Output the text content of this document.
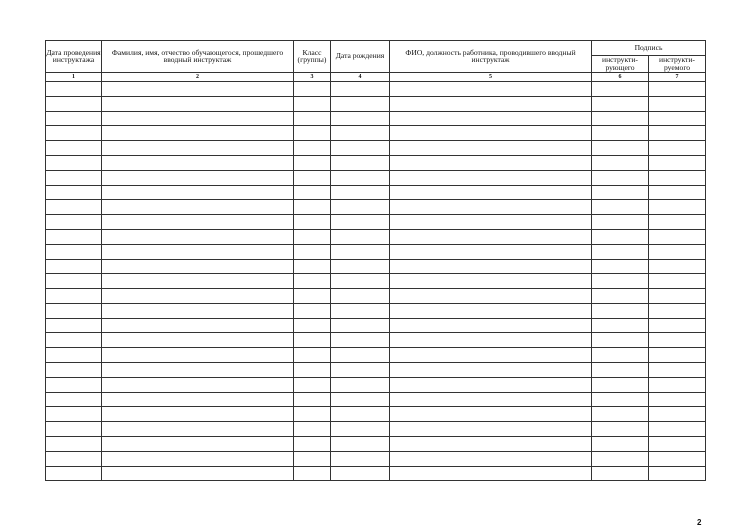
Дата проведения инструктажа	Фамилия, имя, отчество обучающегося, прошедшего вводный инструктаж	Класс (группы)	Дата рождения	ФИО, должность работника, проводившего вводный инструктаж	Подпись	
					инструкти-рующего	инструкти-руемого
1	2	3	4	5	6	7

2
